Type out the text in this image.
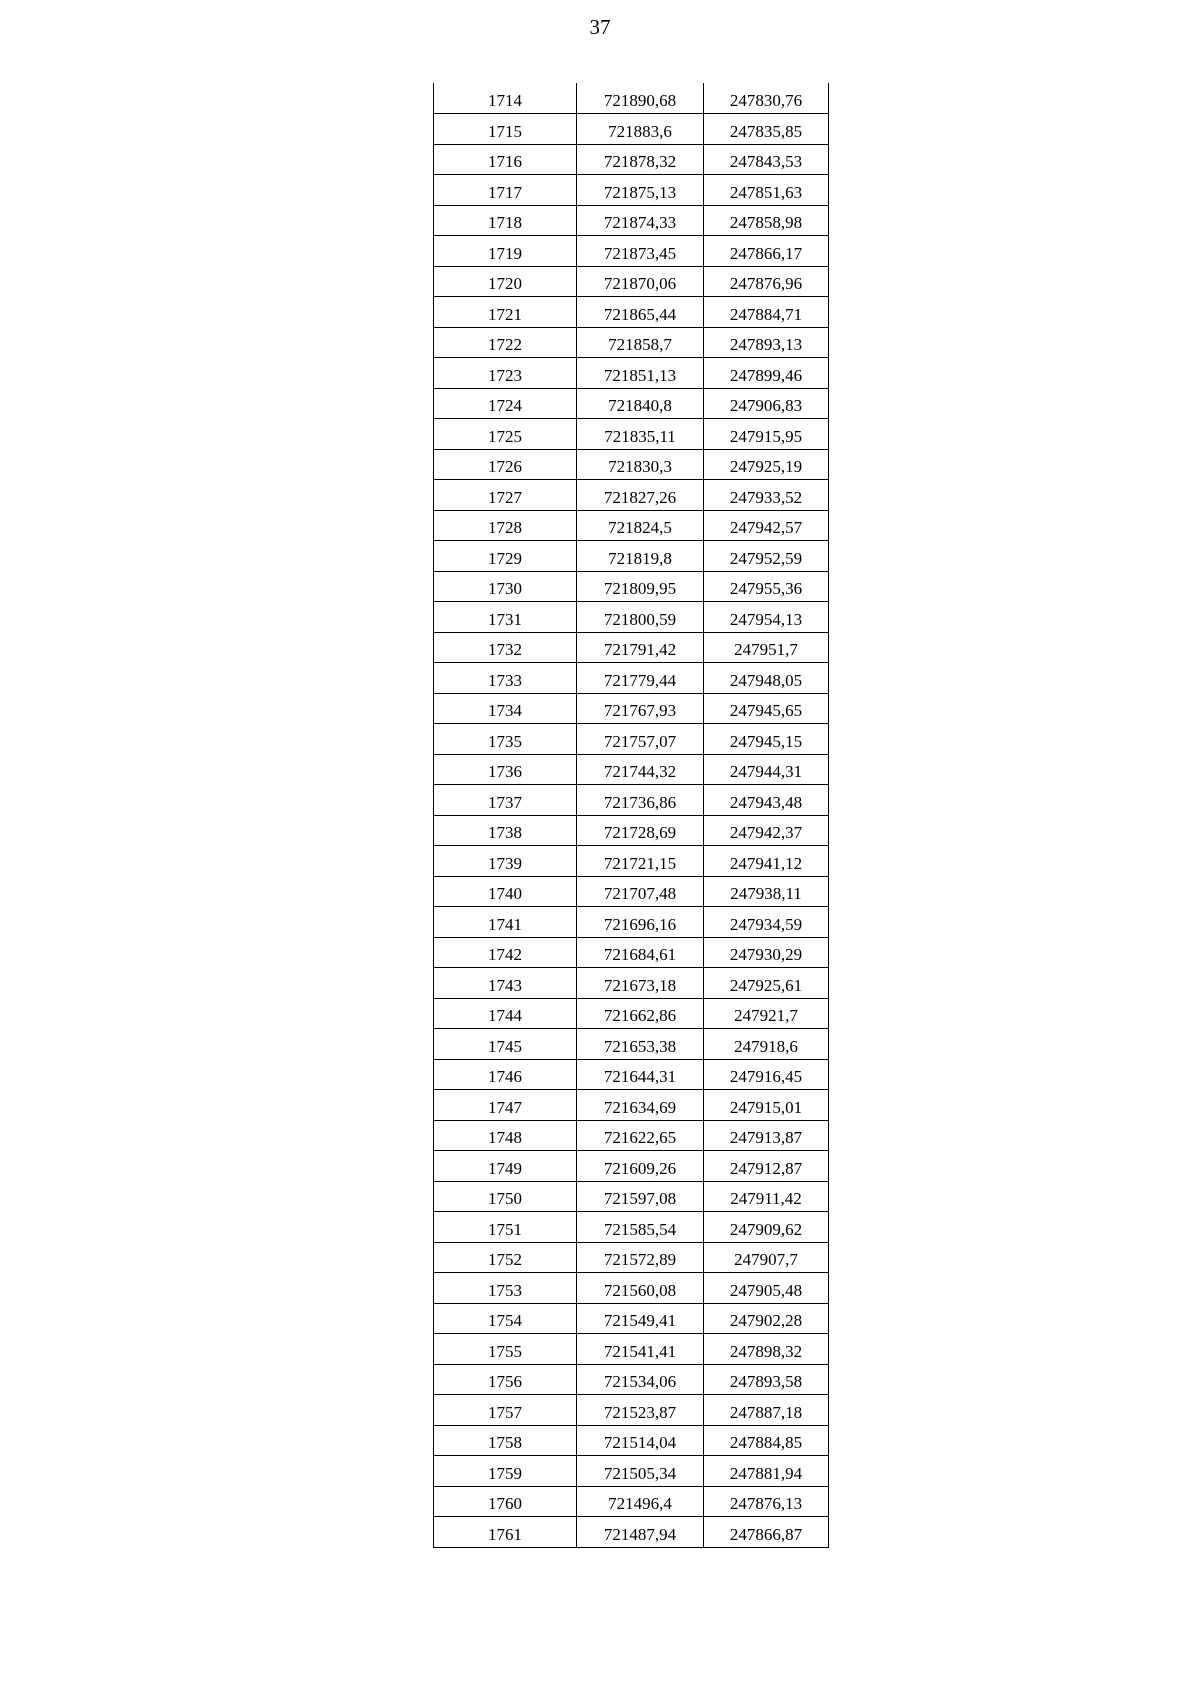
37
1714	721890,68	247830,76
1715	721883,6	247835,85
1716	721878,32	247843,53
1717	721875,13	247851,63
1718	721874,33	247858,98
1719	721873,45	247866,17
1720	721870,06	247876,96
1721	721865,44	247884,71
1722	721858,7	247893,13
1723	721851,13	247899,46
1724	721840,8	247906,83
1725	721835,11	247915,95
1726	721830,3	247925,19
1727	721827,26	247933,52
1728	721824,5	247942,57
1729	721819,8	247952,59
1730	721809,95	247955,36
1731	721800,59	247954,13
1732	721791,42	247951,7
1733	721779,44	247948,05
1734	721767,93	247945,65
1735	721757,07	247945,15
1736	721744,32	247944,31
1737	721736,86	247943,48
1738	721728,69	247942,37
1739	721721,15	247941,12
1740	721707,48	247938,11
1741	721696,16	247934,59
1742	721684,61	247930,29
1743	721673,18	247925,61
1744	721662,86	247921,7
1745	721653,38	247918,6
1746	721644,31	247916,45
1747	721634,69	247915,01
1748	721622,65	247913,87
1749	721609,26	247912,87
1750	721597,08	247911,42
1751	721585,54	247909,62
1752	721572,89	247907,7
1753	721560,08	247905,48
1754	721549,41	247902,28
1755	721541,41	247898,32
1756	721534,06	247893,58
1757	721523,87	247887,18
1758	721514,04	247884,85
1759	721505,34	247881,94
1760	721496,4	247876,13
1761	721487,94	247866,87
